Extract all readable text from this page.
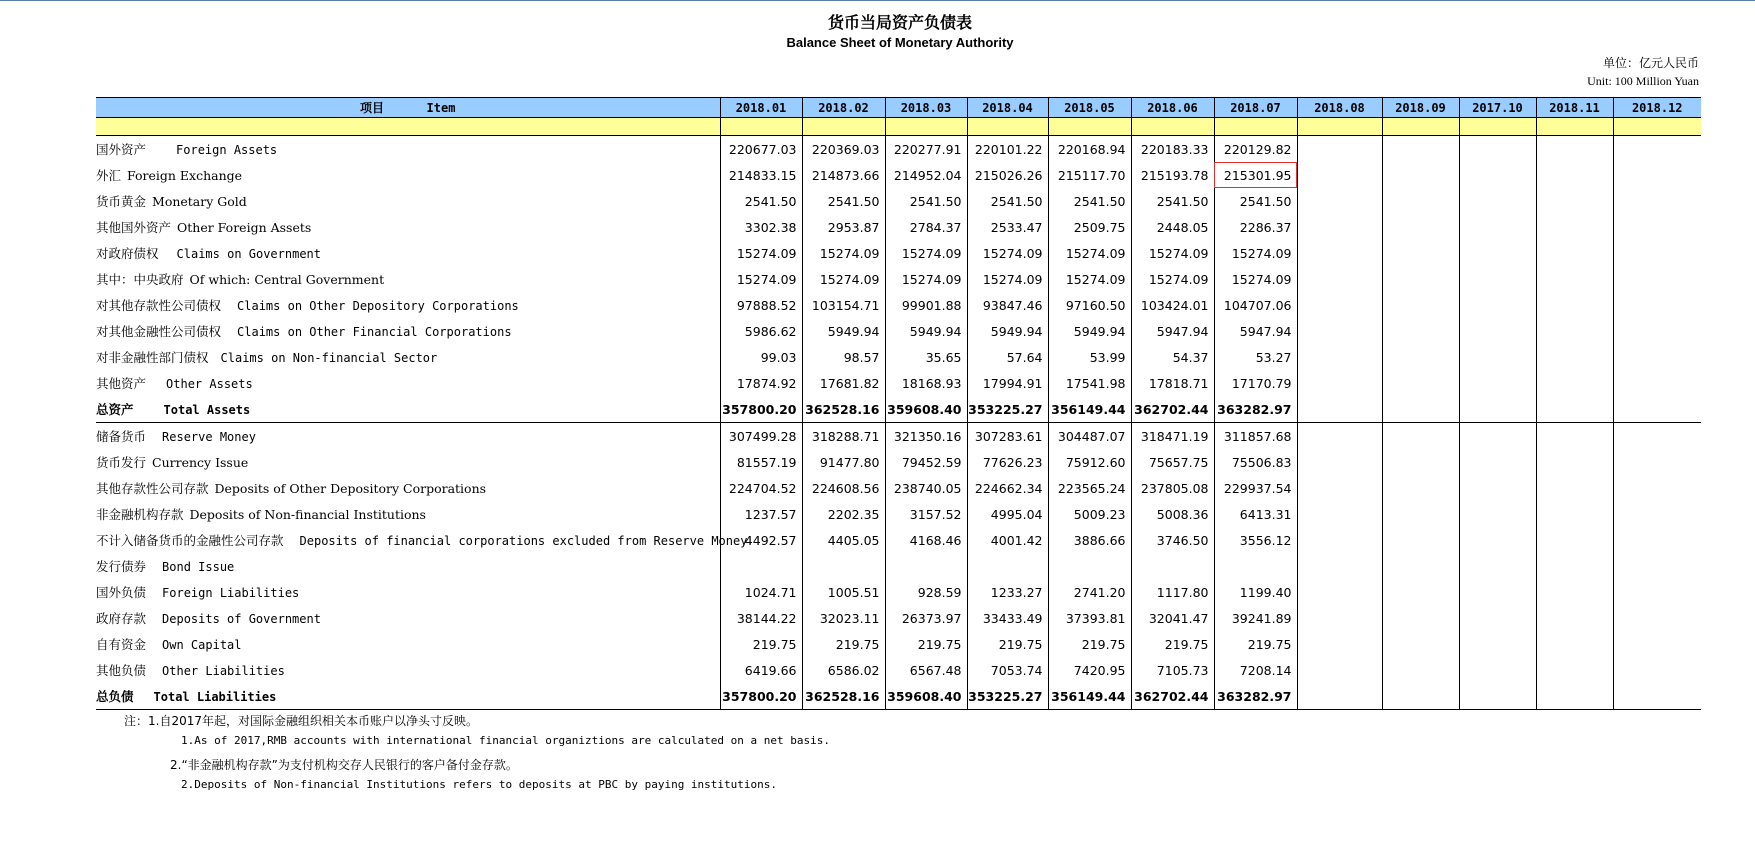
货币当局资产负债表
Balance Sheet of Monetary Authority
单位：亿元人民币
Unit: 100 Million Yuan
项目 Item	2018.01	2018.02	2018.03	2018.04	2018.05	2018.06	2018.07	2018.08	2018.09	2017.10	2018.11	2018.12

国外资产 Foreign Assets	220677.03	220369.03	220277.91	220101.22	220168.94	220183.33	220129.82					
外汇 Foreign Exchange	214833.15	214873.66	214952.04	215026.26	215117.70	215193.78	215301.95					
货币黄金 Monetary Gold	2541.50	2541.50	2541.50	2541.50	2541.50	2541.50	2541.50					
其他国外资产 Other Foreign Assets	3302.38	2953.87	2784.37	2533.47	2509.75	2448.05	2286.37					
对政府债权 Claims on Government	15274.09	15274.09	15274.09	15274.09	15274.09	15274.09	15274.09					
其中：中央政府 Of which: Central Government	15274.09	15274.09	15274.09	15274.09	15274.09	15274.09	15274.09					
对其他存款性公司债权 Claims on Other Depository Corporations	97888.52	103154.71	99901.88	93847.46	97160.50	103424.01	104707.06					
对其他金融性公司债权 Claims on Other Financial Corporations	5986.62	5949.94	5949.94	5949.94	5949.94	5947.94	5947.94					
对非金融性部门债权 Claims on Non-financial Sector	99.03	98.57	35.65	57.64	53.99	54.37	53.27					
其他资产 Other Assets	17874.92	17681.82	18168.93	17994.91	17541.98	17818.71	17170.79					
总资产 Total Assets	357800.20	362528.16	359608.40	353225.27	356149.44	362702.44	363282.97					
储备货币 Reserve Money	307499.28	318288.71	321350.16	307283.61	304487.07	318471.19	311857.68					
货币发行 Currency Issue	81557.19	91477.80	79452.59	77626.23	75912.60	75657.75	75506.83					
其他存款性公司存款 Deposits of Other Depository Corporations	224704.52	224608.56	238740.05	224662.34	223565.24	237805.08	229937.54					
非金融机构存款 Deposits of Non-financial Institutions	1237.57	2202.35	3157.52	4995.04	5009.23	5008.36	6413.31					
不计入储备货币的金融性公司存款 Deposits of financial corporations excluded from Reserve Money	4492.57	4405.05	4168.46	4001.42	3886.66	3746.50	3556.12					
发行债券 Bond Issue												
国外负债 Foreign Liabilities	1024.71	1005.51	928.59	1233.27	2741.20	1117.80	1199.40					
政府存款 Deposits of Government	38144.22	32023.11	26373.97	33433.49	37393.81	32041.47	39241.89					
自有资金 Own Capital	219.75	219.75	219.75	219.75	219.75	219.75	219.75					
其他负债 Other Liabilities	6419.66	6586.02	6567.48	7053.74	7420.95	7105.73	7208.14					
总负债 Total Liabilities	357800.20	362528.16	359608.40	353225.27	356149.44	362702.44	363282.97					
注：1.自2017年起，对国际金融组织相关本币账户以净头寸反映。
1.As of 2017,RMB accounts with international financial organiztions are calculated on a net basis.
2.“非金融机构存款”为支付机构交存人民银行的客户备付金存款。
2.Deposits of Non-financial Institutions refers to deposits at PBC by paying institutions.
